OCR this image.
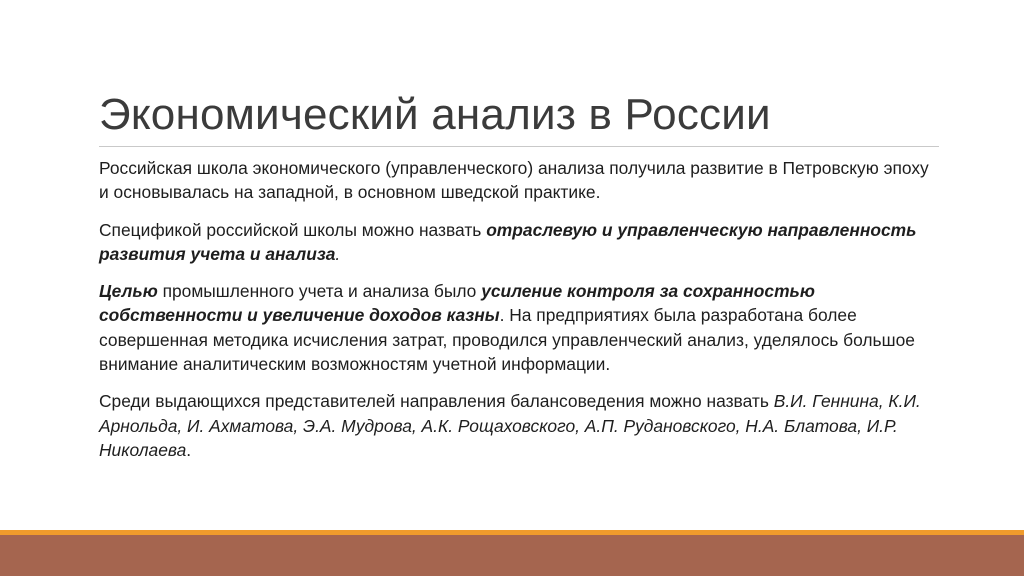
Экономический анализ в России

Российская школа экономического (управленческого) анализа получила развитие в Петровскую эпоху и основывалась на западной, в основном шведской практике.

Спецификой российской школы можно назвать отраслевую и управленческую направленность развития учета и анализа.

Целью промышленного учета и анализа было усиление контроля за сохранностью собственности и увеличение доходов казны. На предприятиях была разработана более совершенная методика исчисления затрат, проводился управленческий анализ, уделялось большое внимание аналитическим возможностям учетной информации.

Среди выдающихся представителей направления балансоведения можно назвать В.И. Геннина, К.И. Арнольда, И. Ахматова, Э.А. Мудрова, А.К. Рощаховского, А.П. Рудановского, Н.А. Блатова, И.Р. Николаева.
